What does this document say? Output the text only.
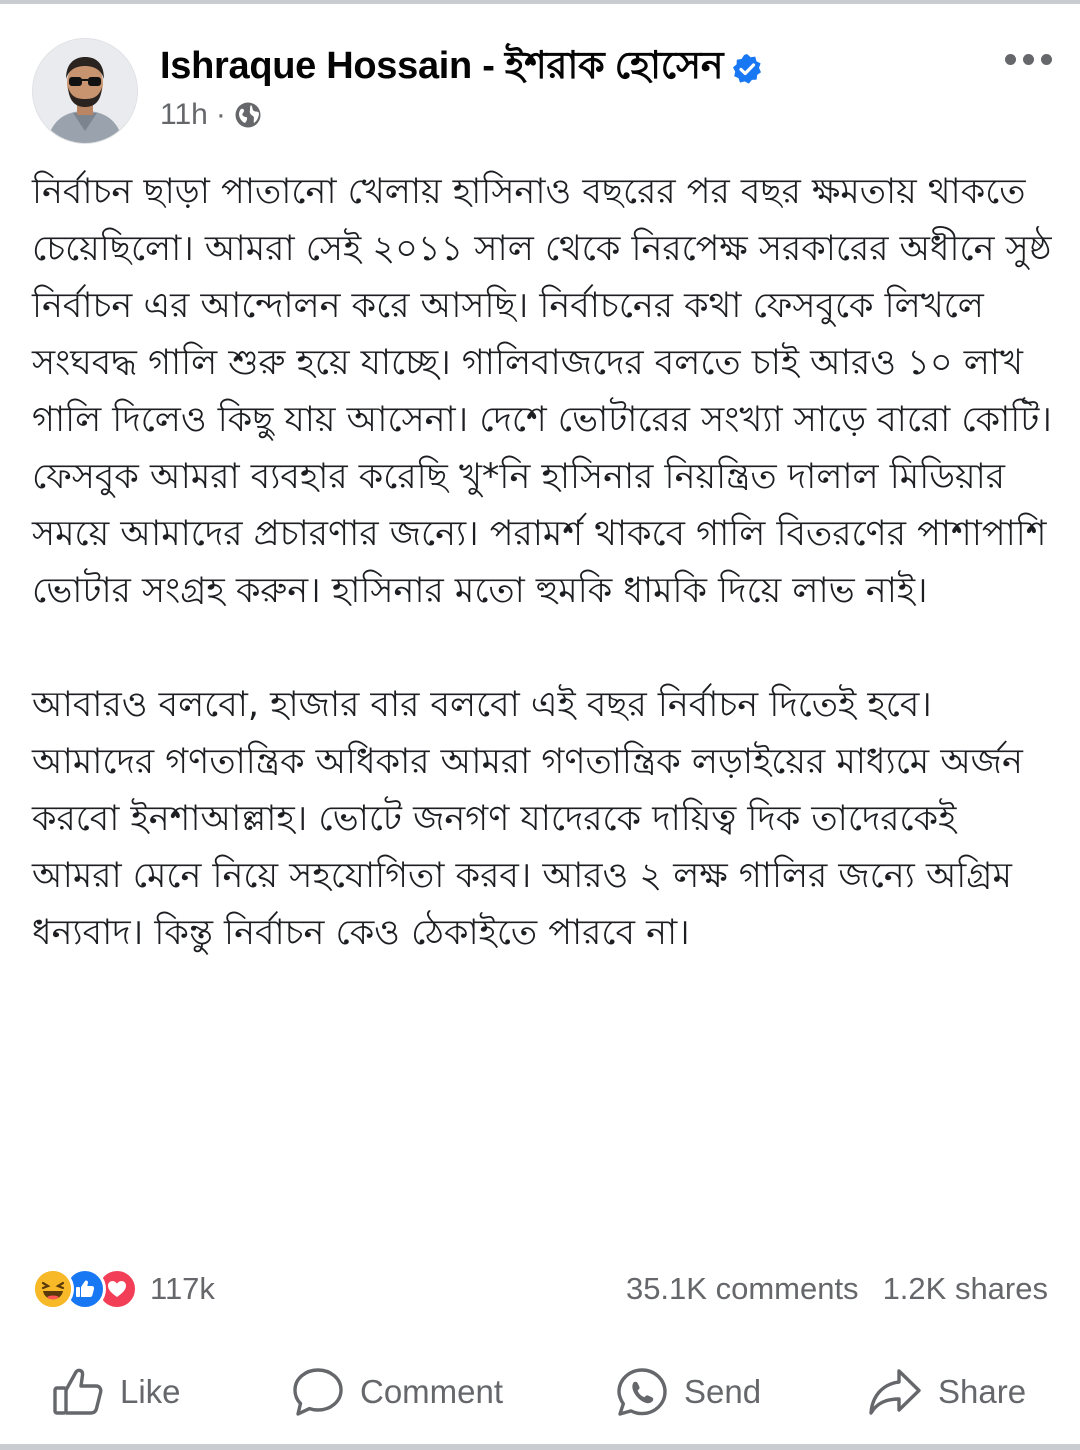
Ishraque Hossain - ইশরাক হোসেন
11h ·

নির্বাচন ছাড়া পাতানো খেলায় হাসিনাও বছরের পর বছর ক্ষমতায় থাকতে চেয়েছিলো। আমরা সেই ২০১১ সাল থেকে নিরপেক্ষ সরকারের অধীনে সুষ্ঠ নির্বাচন এর আন্দোলন করে আসছি। নির্বাচনের কথা ফেসবুকে লিখলে সংঘবদ্ধ গালি শুরু হয়ে যাচ্ছে। গালিবাজদের বলতে চাই আরও ১০ লাখ গালি দিলেও কিছু যায় আসেনা। দেশে ভোটারের সংখ্যা সাড়ে বারো কোটি। ফেসবুক আমরা ব্যবহার করেছি খু*নি হাসিনার নিয়ন্ত্রিত দালাল মিডিয়ার সময়ে আমাদের প্রচারণার জন্যে। পরামর্শ থাকবে গালি বিতরণের পাশাপাশি ভোটার সংগ্রহ করুন। হাসিনার মতো হুমকি ধামকি দিয়ে লাভ নাই।

আবারও বলবো, হাজার বার বলবো এই বছর নির্বাচন দিতেই হবে। আমাদের গণতান্ত্রিক অধিকার আমরা গণতান্ত্রিক লড়াইয়ের মাধ্যমে অর্জন করবো ইনশাআল্লাহ। ভোটে জনগণ যাদেরকে দায়িত্ব দিক তাদেরকেই আমরা মেনে নিয়ে সহযোগিতা করব। আরও ২ লক্ষ গালির জন্যে অগ্রিম ধন্যবাদ। কিন্তু নির্বাচন কেও ঠেকাইতে পারবে না।

117k	35.1K comments 1.2K shares
Like	Comment	Send	Share
